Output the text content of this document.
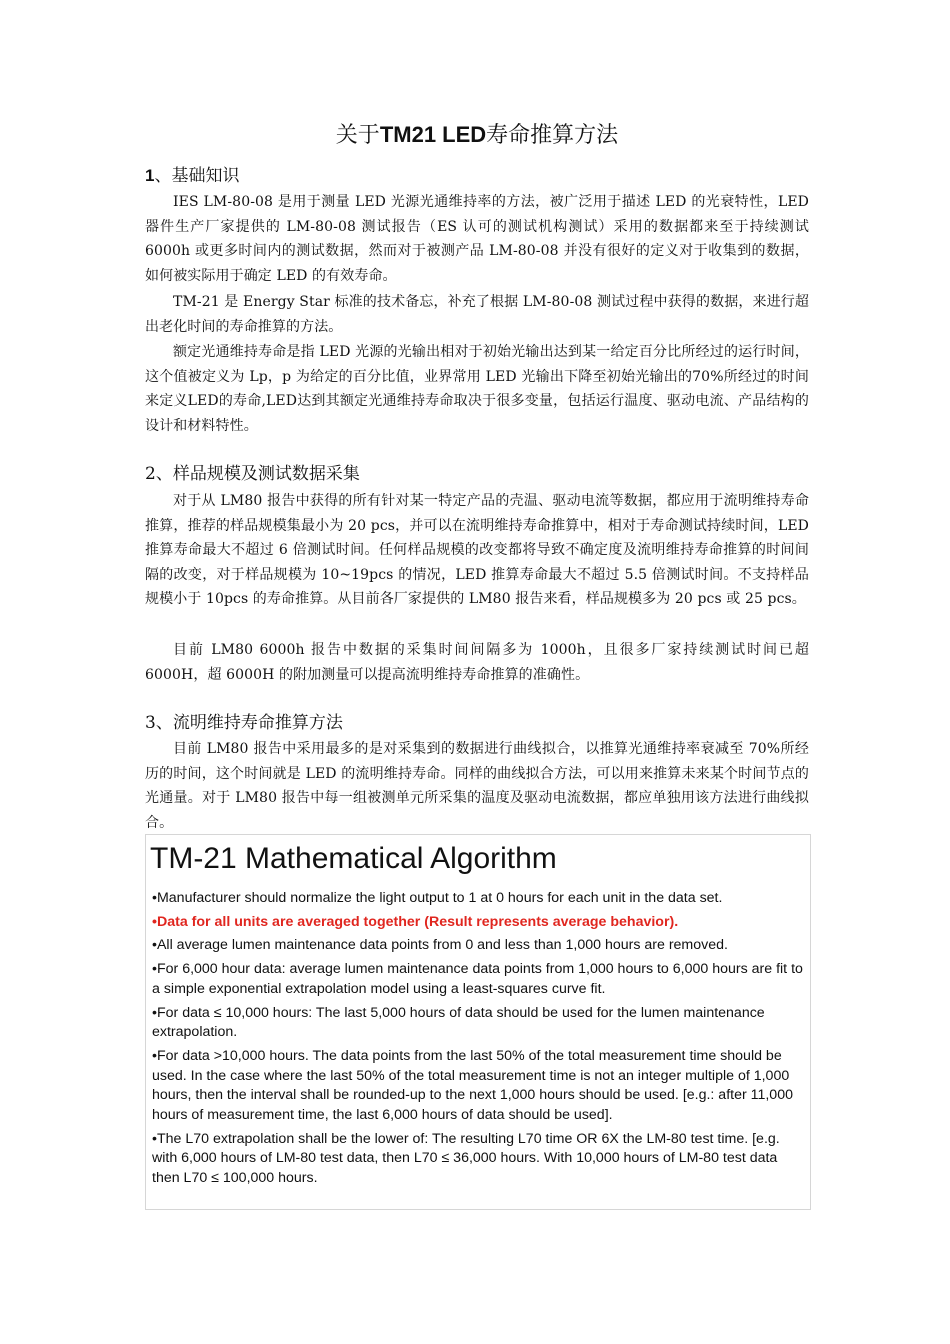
关于TM21 LED寿命推算方法
1、基础知识

IES LM-80-08 是用于测量 LED 光源光通维持率的方法，被广泛用于描述 LED 的光衰特性，LED 器件生产厂家提供的 LM-80-08 测试报告（ES 认可的测试机构测试）采用的数据都来至于持续测试 6000h 或更多时间内的测试数据，然而对于被测产品 LM-80-08 并没有很好的定义对于收集到的数据，如何被实际用于确定 LED 的有效寿命。

TM-21 是 Energy Star 标准的技术备忘，补充了根据 LM-80-08 测试过程中获得的数据，来进行超出老化时间的寿命推算的方法。

额定光通维持寿命是指 LED 光源的光输出相对于初始光输出达到某一给定百分比所经过的运行时间，这个值被定义为 Lp，p 为给定的百分比值，业界常用 LED 光输出下降至初始光输出的70%所经过的时间来定义LED的寿命,LED达到其额定光通维持寿命取决于很多变量，包括运行温度、驱动电流、产品结构的设计和材料特性。

2、样品规模及测试数据采集

对于从 LM80 报告中获得的所有针对某一特定产品的壳温、驱动电流等数据，都应用于流明维持寿命推算，推荐的样品规模集最小为 20 pcs，并可以在流明维持寿命推算中，相对于寿命测试持续时间，LED 推算寿命最大不超过 6 倍测试时间。任何样品规模的改变都将导致不确定度及流明维持寿命推算的时间间隔的改变，对于样品规模为 10~19pcs 的情况，LED 推算寿命最大不超过 5.5 倍测试时间。不支持样品规模小于 10pcs 的寿命推算。从目前各厂家提供的 LM80 报告来看，样品规模多为 20 pcs 或 25 pcs。

目前 LM80 6000h 报告中数据的采集时间间隔多为 1000h，且很多厂家持续测试时间已超 6000H，超 6000H 的附加测量可以提高流明维持寿命推算的准确性。

3、流明维持寿命推算方法

目前 LM80 报告中采用最多的是对采集到的数据进行曲线拟合，以推算光通维持率衰减至 70%所经历的时间，这个时间就是 LED 的流明维持寿命。同样的曲线拟合方法，可以用来推算未来某个时间节点的光通量。对于 LM80 报告中每一组被测单元所采集的温度及驱动电流数据，都应单独用该方法进行曲线拟合。

TM-21 Mathematical Algorithm
•Manufacturer should normalize the light output to 1 at 0 hours for each unit in the data set.
•Data for all units are averaged together (Result represents average behavior).
•All average lumen maintenance data points from 0 and less than 1,000 hours are removed.
•For 6,000 hour data: average lumen maintenance data points from 1,000 hours to 6,000 hours are fit to a simple exponential extrapolation model using a least-squares curve fit.
•For data ≤ 10,000 hours: The last 5,000 hours of data should be used for the lumen maintenance extrapolation.
•For data >10,000 hours. The data points from the last 50% of the total measurement time should be used. In the case where the last 50% of the total measurement time is not an integer multiple of 1,000 hours, then the interval shall be rounded-up to the next 1,000 hours should be used. [e.g.: after 11,000 hours of measurement time, the last 6,000 hours of data should be used].
•The L70 extrapolation shall be the lower of: The resulting L70 time OR 6X the LM-80 test time. [e.g. with 6,000 hours of LM-80 test data, then L70 ≤ 36,000 hours. With 10,000 hours of LM-80 test data then L70 ≤ 100,000 hours.
